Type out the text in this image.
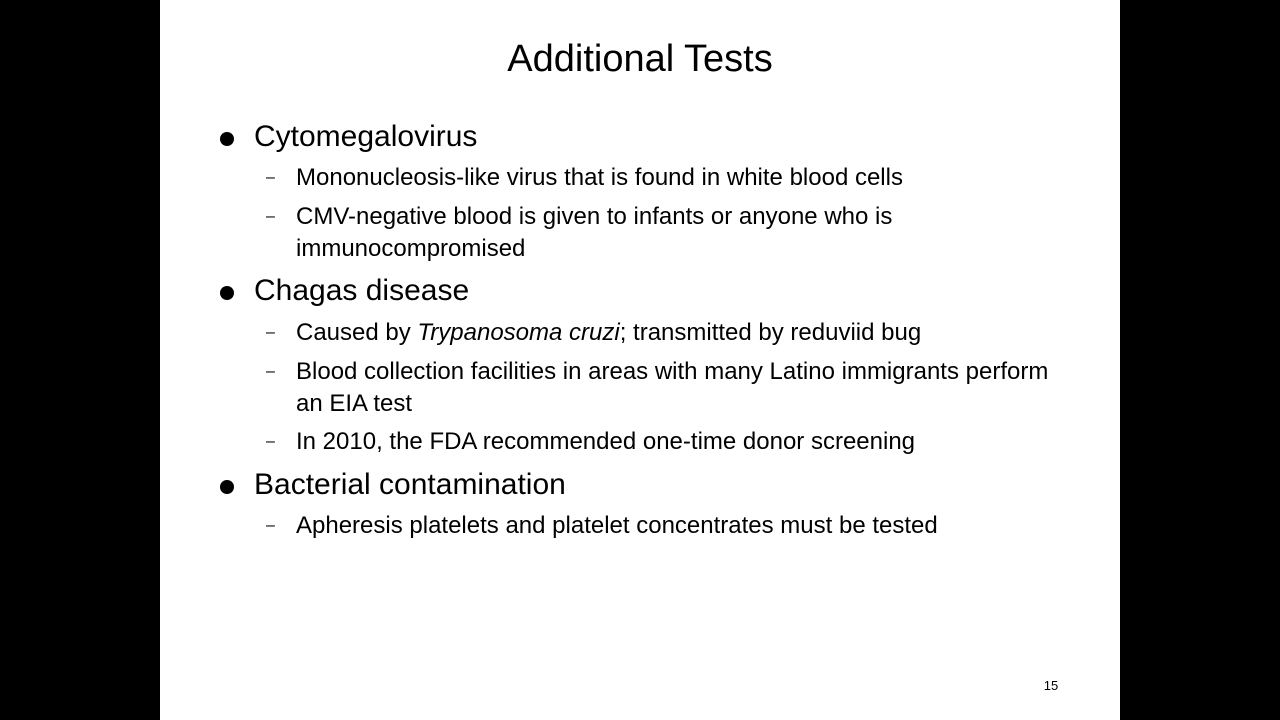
Additional Tests
Cytomegalovirus
– Mononucleosis-like virus that is found in white blood cells
– CMV-negative blood is given to infants or anyone who is immunocompromised
Chagas disease
– Caused by Trypanosoma cruzi; transmitted by reduviid bug
– Blood collection facilities in areas with many Latino immigrants perform an EIA test
– In 2010, the FDA recommended one-time donor screening
Bacterial contamination
– Apheresis platelets and platelet concentrates must be tested
15
